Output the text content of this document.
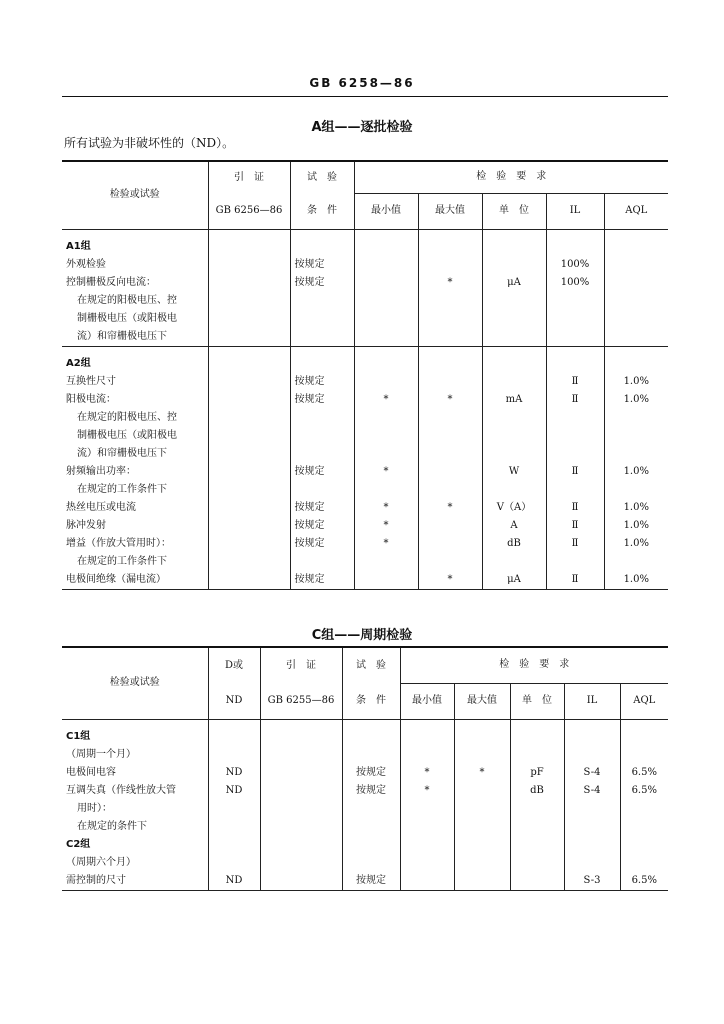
GB 6258—86
A组——逐批检验
所有试验为非破坏性的（ND）。
检验或试验	引　证	试　验	检　验　要　求				
	GB 6256—86	条　件	最小值	最大值	单　位	IL	AQL
A1组							
外观检验		按规定				100%	
控制栅极反向电流：		按规定		*	μA	100%	
在规定的阳极电压、控							
制栅极电压（或阳极电							
流）和帘栅极电压下							
A2组							
互换性尺寸		按规定				Ⅱ	1.0%
阳极电流：		按规定	*	*	mA	Ⅱ	1.0%
在规定的阳极电压、控							
制栅极电压（或阳极电							
流）和帘栅极电压下							
射频输出功率：		按规定	*		W	Ⅱ	1.0%
在规定的工作条件下							
热丝电压或电流		按规定	*	*	V（A）	Ⅱ	1.0%
脉冲发射		按规定	*		A	Ⅱ	1.0%
增益（作放大管用时）：		按规定	*		dB	Ⅱ	1.0%
在规定的工作条件下							
电极间绝缘（漏电流）		按规定		*	μA	Ⅱ	1.0%

C组——周期检验
检验或试验	D或	引　证	试　验	检　验　要　求				
	ND	GB 6255—86	条　件	最小值	最大值	单　位	IL	AQL
C1组								
（周期一个月）								
电极间电容	ND		按规定	*	*	pF	S-4	6.5%
互调失真（作线性放大管	ND		按规定	*		dB	S-4	6.5%
用时）：								
在规定的条件下								
C2组								
（周期六个月）								
需控制的尺寸	ND		按规定				S-3	6.5%
